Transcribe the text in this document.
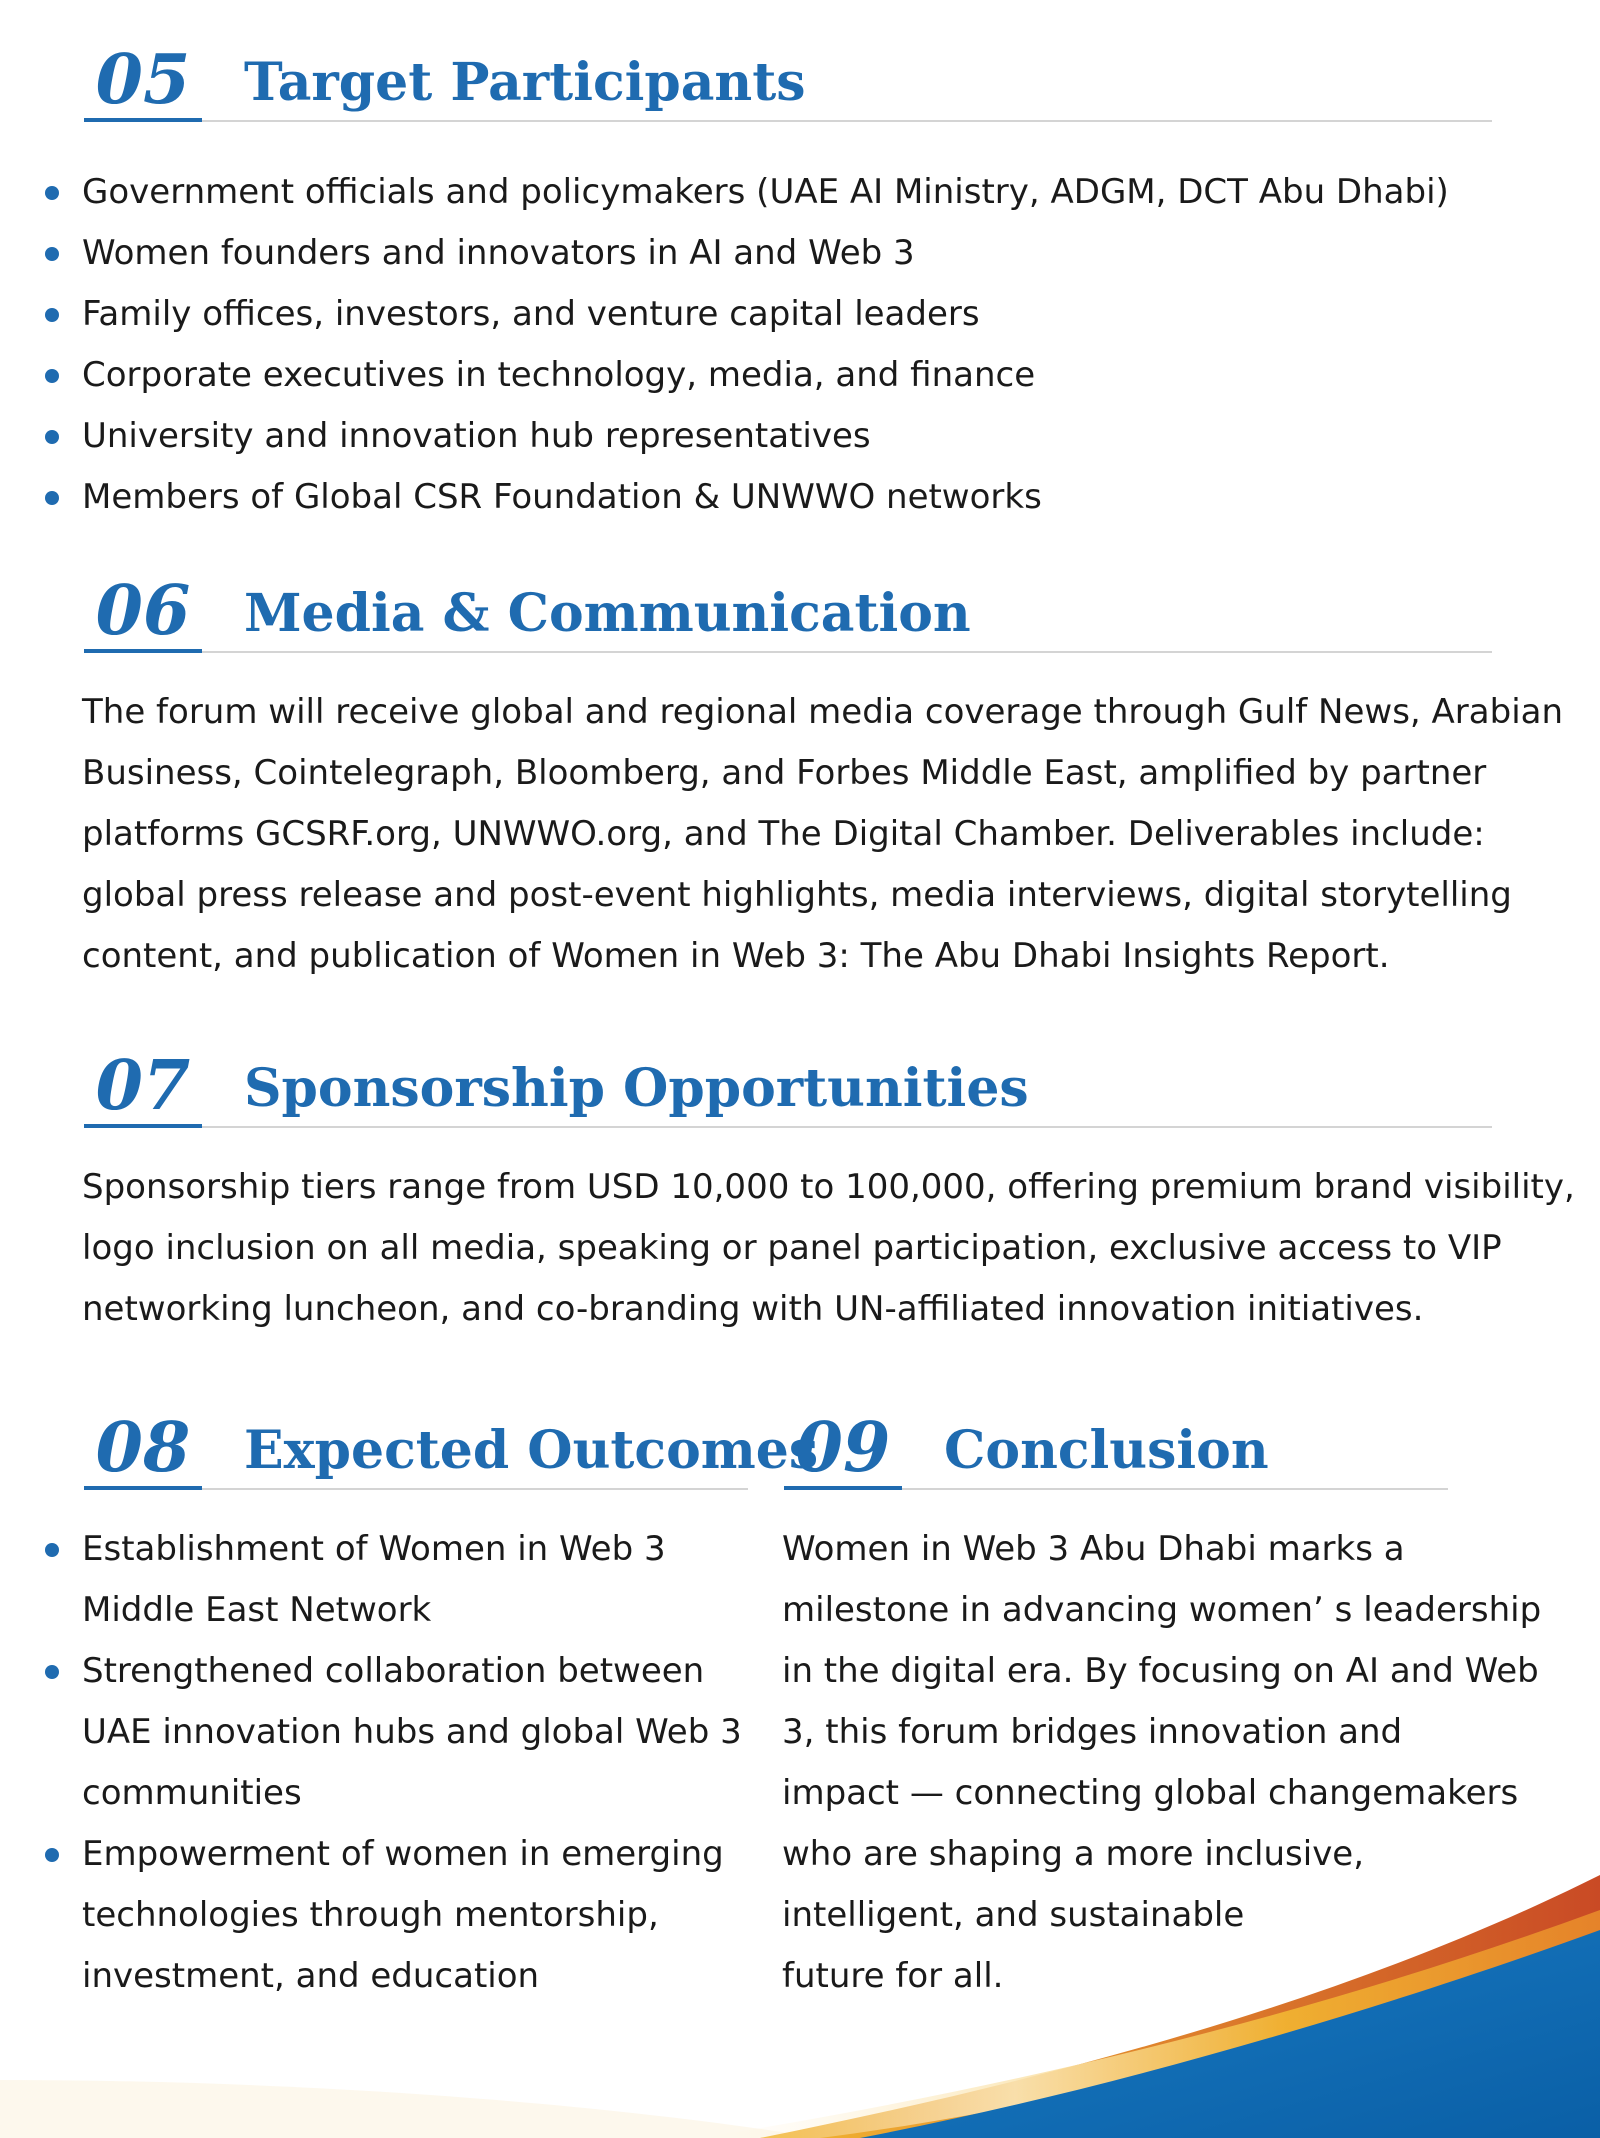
05 Target Participants
Government officials and policymakers (UAE AI Ministry, ADGM, DCT Abu Dhabi)
Women founders and innovators in AI and Web 3
Family offices, investors, and venture capital leaders
Corporate executives in technology, media, and finance
University and innovation hub representatives
Members of Global CSR Foundation & UNWWO networks
06 Media & Communication

The forum will receive global and regional media coverage through Gulf News, Arabian
Business, Cointelegraph, Bloomberg, and Forbes Middle East, amplified by partner
platforms GCSRF.org, UNWWO.org, and The Digital Chamber. Deliverables include:
global press release and post-event highlights, media interviews, digital storytelling
content, and publication of Women in Web 3: The Abu Dhabi Insights Report.

07 Sponsorship Opportunities

Sponsorship tiers range from USD 10,000 to 100,000, offering premium brand visibility,
logo inclusion on all media, speaking or panel participation, exclusive access to VIP
networking luncheon, and co-branding with UN-affiliated innovation initiatives.

08 Expected Outcomes
Establishment of Women in Web 3
Middle East Network
Strengthened collaboration between
UAE innovation hubs and global Web 3
communities
Empowerment of women in emerging
technologies through mentorship,
investment, and education
09 Conclusion

Women in Web 3 Abu Dhabi marks a
milestone in advancing women’ s leadership
in the digital era. By focusing on AI and Web
3, this forum bridges innovation and
impact — connecting global changemakers
who are shaping a more inclusive,
intelligent, and sustainable
future for all.
